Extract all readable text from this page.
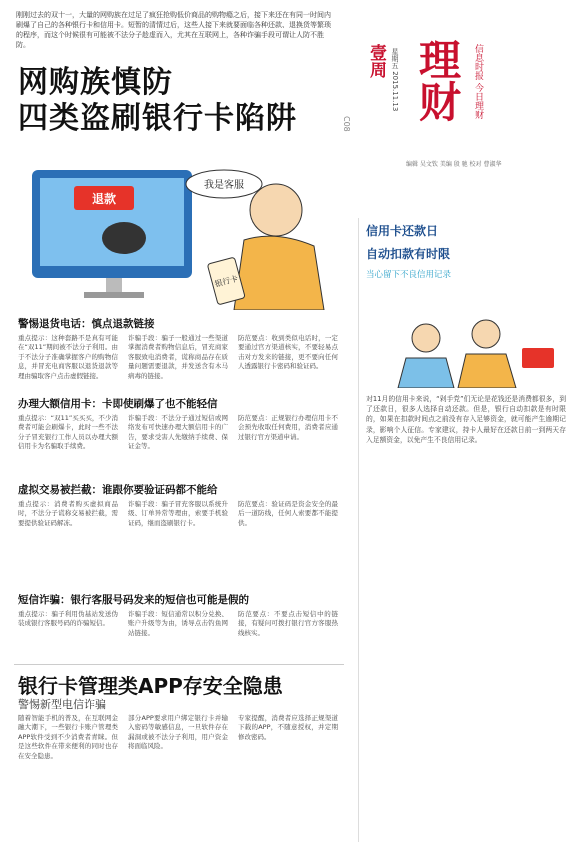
刚刚过去的双十一，大量的网购族在过足了疯狂抢购低价商品的购物瘾之后，接下来还在有同一时间内刷爆了自己的各种银行卡和信用卡。短暂的清情过后，这些人接下来就要面临各种还款、退换货等繁琐的程序，而这个时候很有可能被不法分子趁虚而入，尤其在互联网上，各种诈骗手段可谓让人防不胜防。
网购族慎防
四类盗刷银行卡陷阱	C08
壹周 星期五 2015.11.13 理财 信息时报 今日理财
编辑 吴文钦 美编 殷 驰 校对 曹淑华
退款
我是客服
银行卡
警惕退货电话：慎点退款链接
重点提示：这种套路不是真有可能在“双11”期间被不法分子利用。由于不法分子准确掌握客户的购物信息，并冒充电商客服以退货退款等理由骗取客户点击虚假链接。
诈骗手段：骗子一般通过一些渠道掌握消费者购物信息后，冒充商家客服致电消费者，谎称商品存在质量问题需要退款，并发送含有木马病毒的链接。
防范要点：收到类似电话时，一定要通过官方渠道核实，不要轻易点击对方发来的链接，更不要向任何人透露银行卡密码和验证码。
办理大额信用卡：卡即使刷爆了也不能轻信
重点提示：“双11”买买买，不少消费者可能会刷爆卡，此时一些不法分子冒充银行工作人员以办理大额信用卡为名骗取手续费。
诈骗手段：不法分子通过短信或网络发布可快速办理大额信用卡的广告，要求受害人先缴纳手续费、保证金等。
防范要点：正规银行办理信用卡不会预先收取任何费用，消费者应通过银行官方渠道申请。
虚拟交易被拦截：谁跟你要验证码都不能给
重点提示：消费者购买虚拟商品时，不法分子谎称交易被拦截，需要提供验证码解冻。
诈骗手段：骗子冒充客服以系统升级、订单异常等理由，索要手机验证码，继而盗刷银行卡。
防范要点：验证码是资金安全的最后一道防线，任何人索要都不能提供。
短信诈骗：银行客服号码发来的短信也可能是假的
重点提示：骗子利用伪基站发送伪装成银行客服号码的诈骗短信。
诈骗手段：短信通常以积分兑换、账户升级等为由，诱导点击钓鱼网站链接。
防范要点：不要点击短信中的链接，有疑问可拨打银行官方客服热线核实。
银行卡管理类APP存安全隐患
警惕新型电信诈骗
随着智能手机的普及，在互联网金融大潮下，一些银行卡账户管理类APP软件受到不少消费者青睐。但是这些软件在带来便利的同时也存在安全隐患。
部分APP要求用户绑定银行卡并输入密码等敏感信息，一旦软件存在漏洞或被不法分子利用，用户资金将面临风险。
专家提醒，消费者应选择正规渠道下载的APP，不随意授权，并定期修改密码。
信用卡还款日
自动扣款有时限
当心留下不良信用记录
对11月的信用卡来说，“剁手党”们无论是花钱还是消费都很多，到了还款日，很多人选择自动还款。但是，银行自动扣款是有时限的，如果在扣款时间点之前没有存入足够资金，就可能产生逾期记录，影响个人征信。专家建议，持卡人最好在还款日前一到两天存入足额资金，以免产生不良信用记录。
